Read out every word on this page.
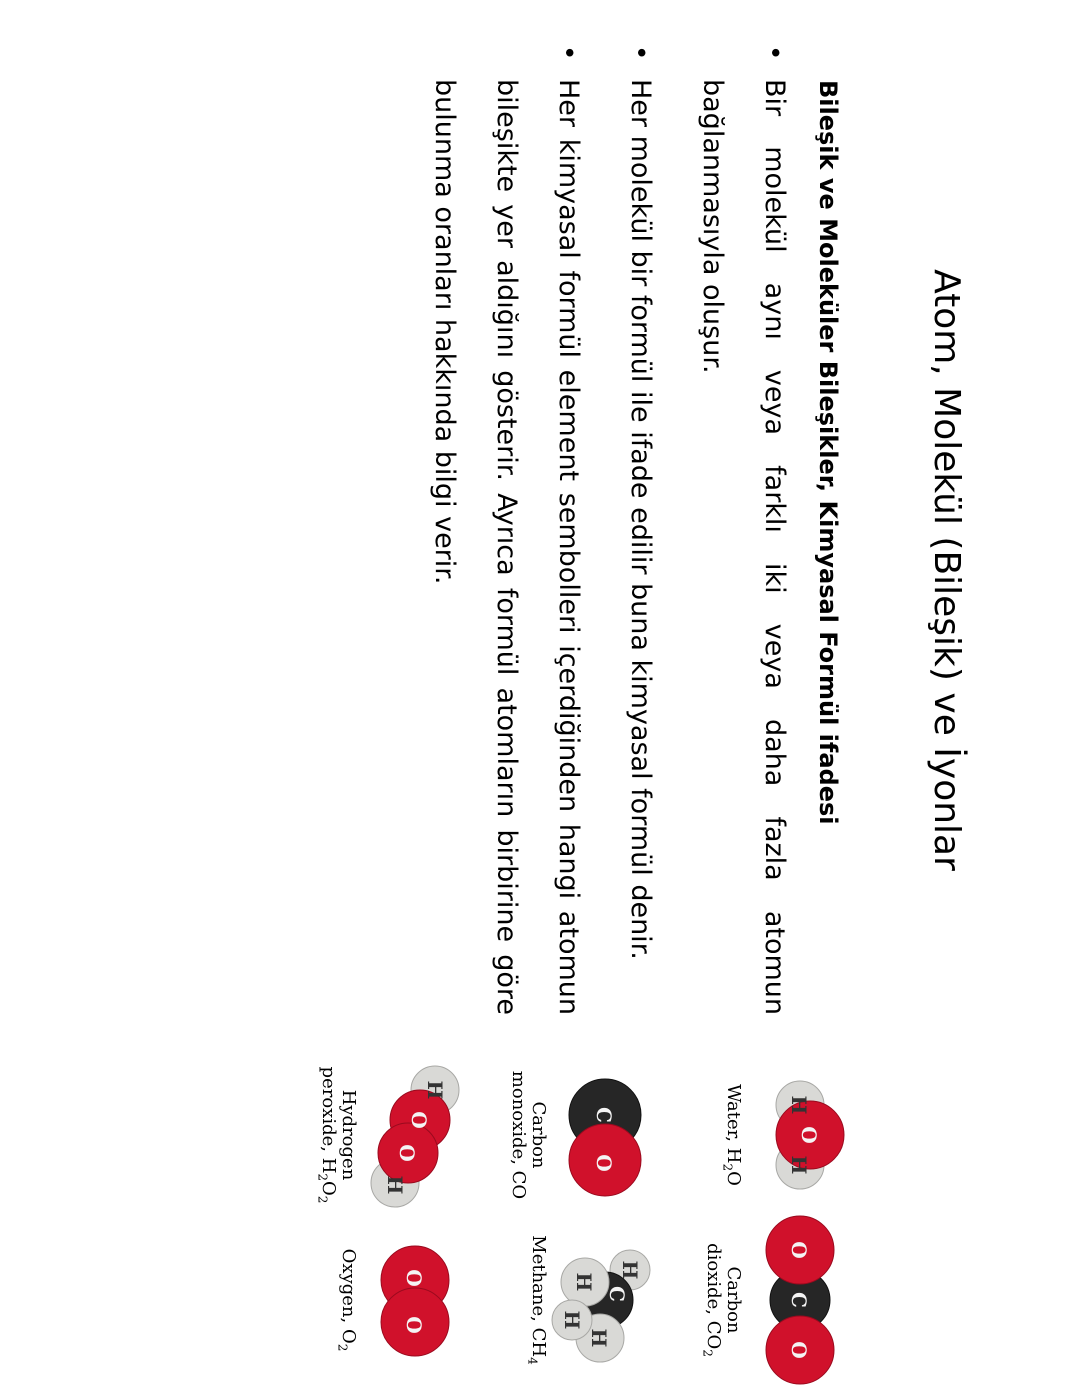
Atom, Molekül (Bileşik) ve İyonlar
Bileşik ve Moleküler Bileşikler, Kimyasal Formül ifadesi
•
Bir molekül aynı veya farklı iki veya daha fazla atomun bağlanmasıyla oluşur.
•
Her molekül bir formül ile ifade edilir buna kimyasal formül denir.
•
Her kimyasal formül element sembolleri içerdiğinden hangi atomun bileşikte yer aldığını gösterir. Ayrıca formül atomların birbirine göre bulunma oranları hakkında bilgi verir.
H
O
H
Water, $H_2O$
O
C
O
Carbon
dioxide, $CO_2$
C
O
Carbon
monoxide, CO
H
C
H
H
H
Methane, $CH_4$
H
O
O
H
Hydrogen
peroxide, $H_2O_2$
O
O
Oxygen, $O_2$
